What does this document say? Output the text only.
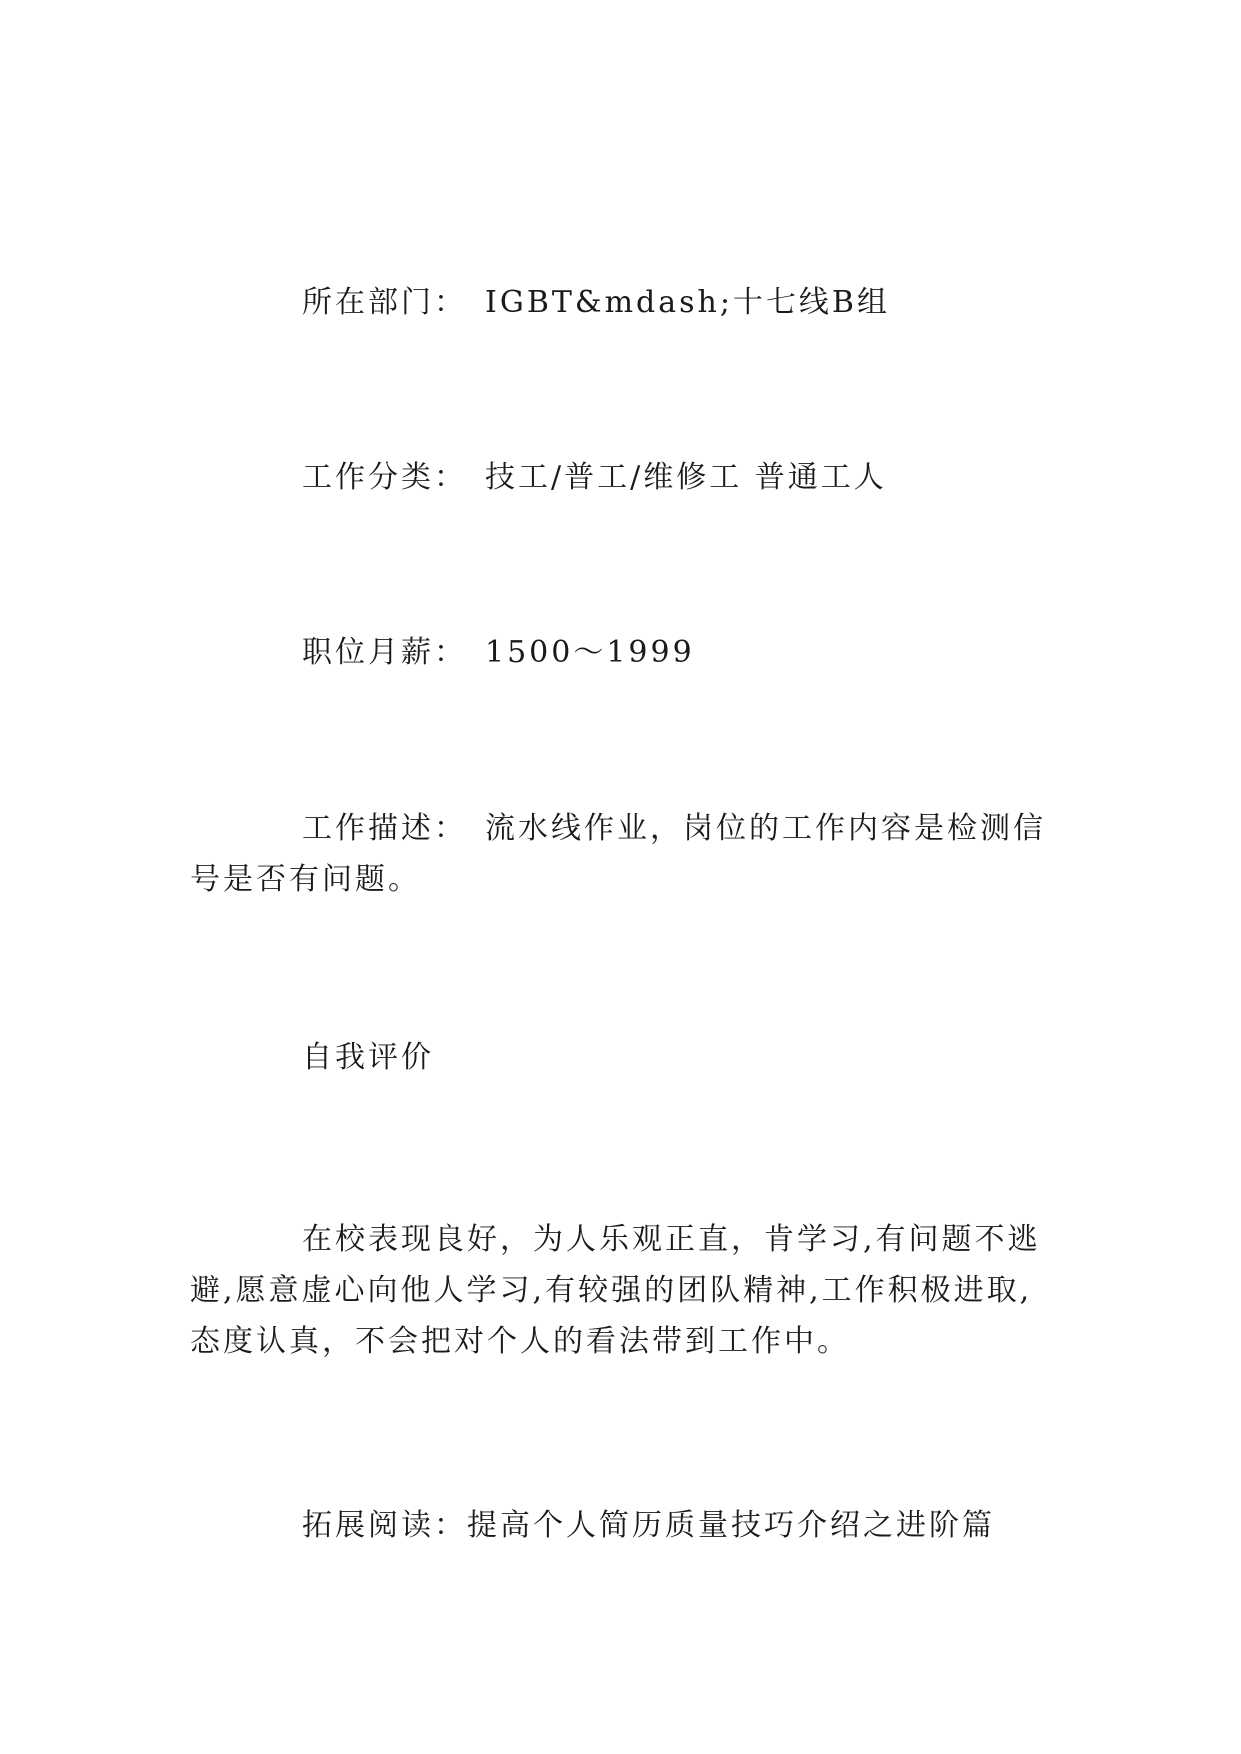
所在部门： IGBT&mdash;十七线B组
工作分类： 技工/普工/维修工 普通工人
职位月薪： 1500～1999
工作描述： 流水线作业，岗位的工作内容是检测信号是否有问题。
自我评价
在校表现良好，为人乐观正直，肯学习,有问题不逃避,愿意虚心向他人学习,有较强的团队精神,工作积极进取,态度认真，不会把对个人的看法带到工作中。
拓展阅读：提高个人简历质量技巧介绍之进阶篇
